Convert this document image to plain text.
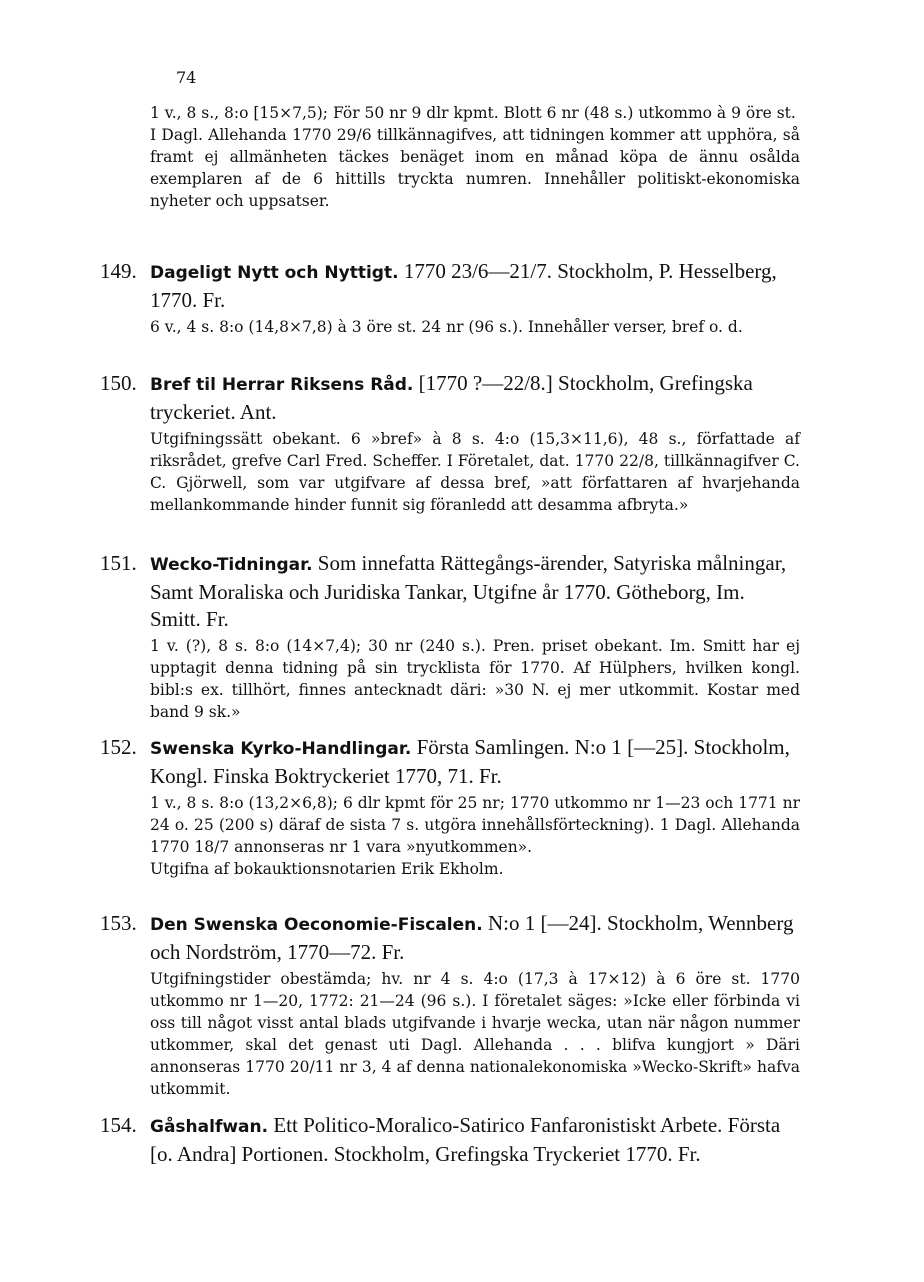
74
1 v., 8 s., 8:o [15×7,5); För 50 nr 9 dlr kpmt. Blott 6 nr (48 s.) utkommo à 9 öre st.
I Dagl. Allehanda 1770 29/6 tillkännagifves, att tidningen kommer att upphöra, så framt ej allmänheten täckes benäget inom en månad köpa de ännu osålda exemplaren af de 6 hittills tryckta numren. Innehåller politiskt-ekonomiska nyheter och uppsatser.
149. Dageligt Nytt och Nyttigt. 1770 23/6—21/7. Stockholm, P. Hesselberg, 1770. Fr.

6 v., 4 s. 8:o (14,8×7,8) à 3 öre st. 24 nr (96 s.). Innehåller verser, bref o. d.

150. Bref til Herrar Riksens Råd. [1770 ?—22/8.] Stockholm, Grefingska tryckeriet. Ant.

Utgifningssätt obekant. 6 »bref» à 8 s. 4:o (15,3×11,6), 48 s., författade af riksrådet, grefve Carl Fred. Scheffer. I Företalet, dat. 1770 22/8, tillkännagifver C. C. Gjörwell, som var utgifvare af dessa bref, »att författaren af hvarjehanda mellankommande hinder funnit sig föranledd att desamma afbryta.»

151. Wecko-Tidningar. Som innefatta Rättegångs-ärender, Satyriska målningar, Samt Moraliska och Juridiska Tankar, Utgifne år 1770. Götheborg, Im. Smitt. Fr.

1 v. (?), 8 s. 8:o (14×7,4); 30 nr (240 s.). Pren. priset obekant. Im. Smitt har ej upptagit denna tidning på sin trycklista för 1770. Af Hülphers, hvilken kongl. bibl:s ex. tillhört, finnes antecknadt däri: »30 N. ej mer utkommit. Kostar med band 9 sk.»

152. Swenska Kyrko-Handlingar. Första Samlingen. N:o 1 [—25]. Stockholm, Kongl. Finska Boktryckeriet 1770, 71. Fr.

1 v., 8 s. 8:o (13,2×6,8); 6 dlr kpmt för 25 nr; 1770 utkommo nr 1—23 och 1771 nr 24 o. 25 (200 s) däraf de sista 7 s. utgöra innehållsförteckning). 1 Dagl. Allehanda 1770 18/7 annonseras nr 1 vara »nyutkommen».

Utgifna af bokauktionsnotarien Erik Ekholm.

153. Den Swenska Oeconomie-Fiscalen. N:o 1 [—24]. Stockholm, Wennberg och Nordström, 1770—72. Fr.

Utgifningstider obestämda; hv. nr 4 s. 4:o (17,3 à 17×12) à 6 öre st. 1770 utkommo nr 1—20, 1772: 21—24 (96 s.). I företalet säges: »Icke eller förbinda vi oss till något visst antal blads utgifvande i hvarje wecka, utan när någon nummer utkommer, skal det genast uti Dagl. Allehanda . . . blifva kungjort » Däri annonseras 1770 20/11 nr 3, 4 af denna nationalekonomiska »Wecko-Skrift» hafva utkommit.

154. Gåshalfwan. Ett Politico-Moralico-Satirico Fanfaronistiskt Arbete. Första [o. Andra] Portionen. Stockholm, Grefingska Tryckeriet 1770. Fr.
